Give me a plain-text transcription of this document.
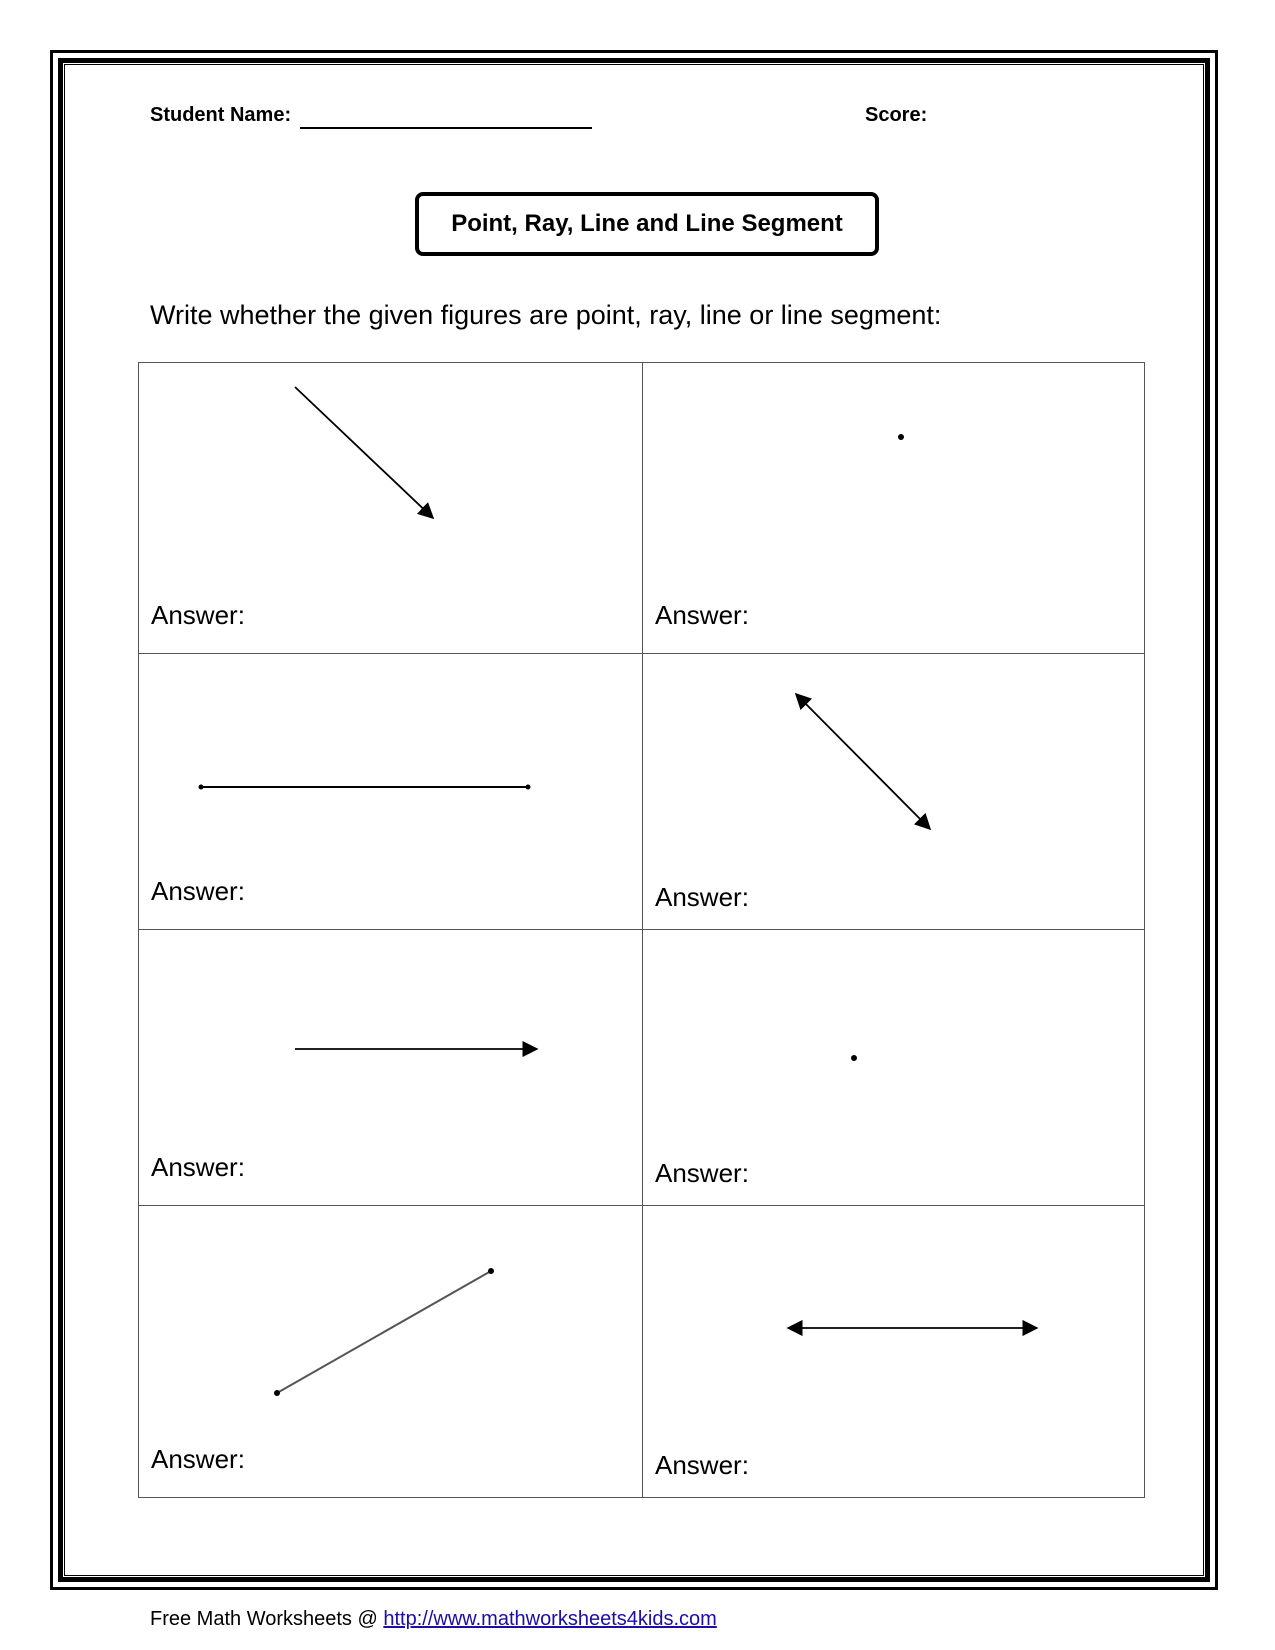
Student Name:	Score:
Point, Ray, Line and Line Segment
Write whether the given figures are point, ray, line or line segment:
Answer:	Answer:
Answer:	Answer:
Answer:	Answer:
Answer:	Answer:
Free Math Worksheets @ http://www.mathworksheets4kids.com
